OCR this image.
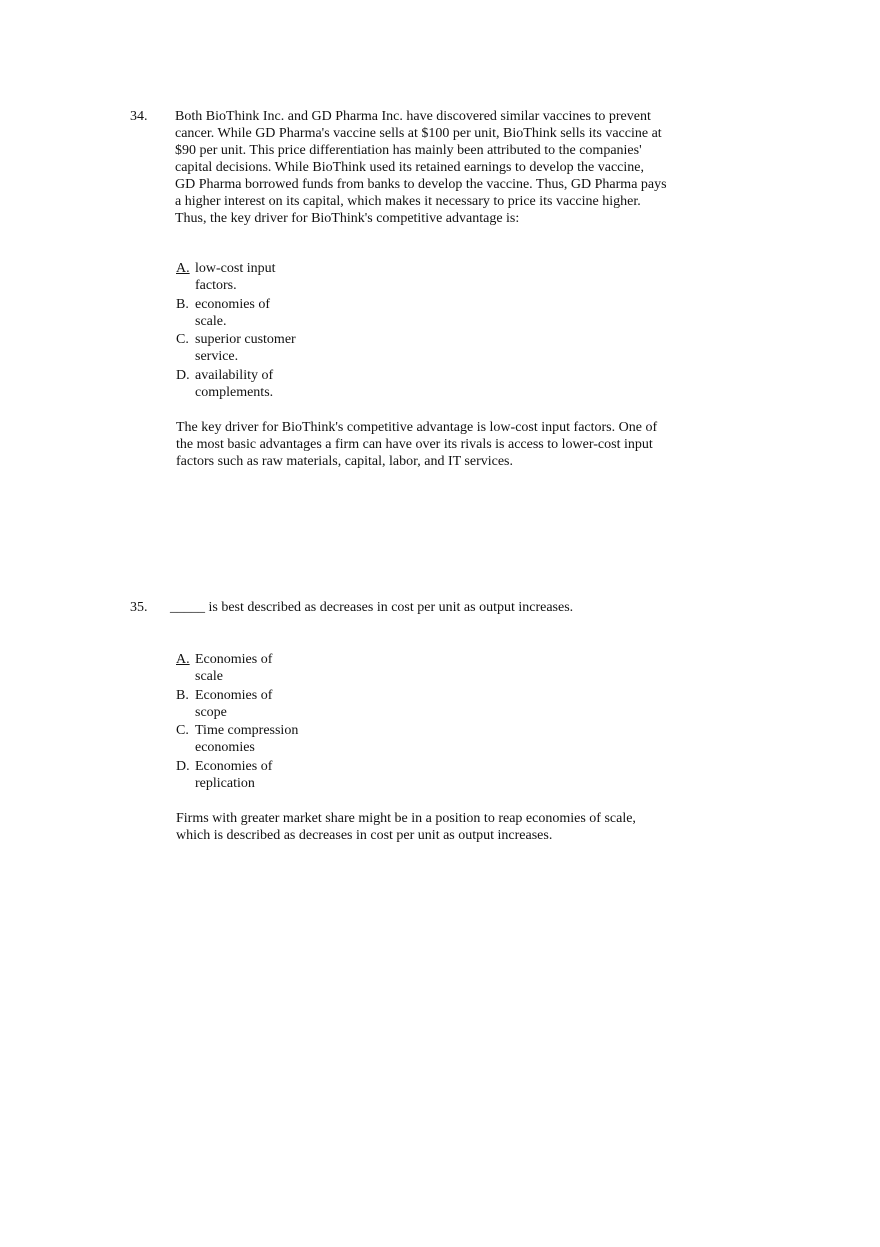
34.	Both BioThink Inc. and GD Pharma Inc. have discovered similar vaccines to prevent cancer. While GD Pharma's vaccine sells at $100 per unit, BioThink sells its vaccine at $90 per unit. This price differentiation has mainly been attributed to the companies' capital decisions. While BioThink used its retained earnings to develop the vaccine, GD Pharma borrowed funds from banks to develop the vaccine. Thus, GD Pharma pays a higher interest on its capital, which makes it necessary to price its vaccine higher. Thus, the key driver for BioThink's competitive advantage is:
A. low-cost input factors.
B. economies of scale.
C. superior customer service.
D. availability of complements.
The key driver for BioThink's competitive advantage is low-cost input factors. One of the most basic advantages a firm can have over its rivals is access to lower-cost input factors such as raw materials, capital, labor, and IT services.
35. _____ is best described as decreases in cost per unit as output increases.
A. Economies of scale
B. Economies of scope
C. Time compression economies
D. Economies of replication
Firms with greater market share might be in a position to reap economies of scale, which is described as decreases in cost per unit as output increases.
